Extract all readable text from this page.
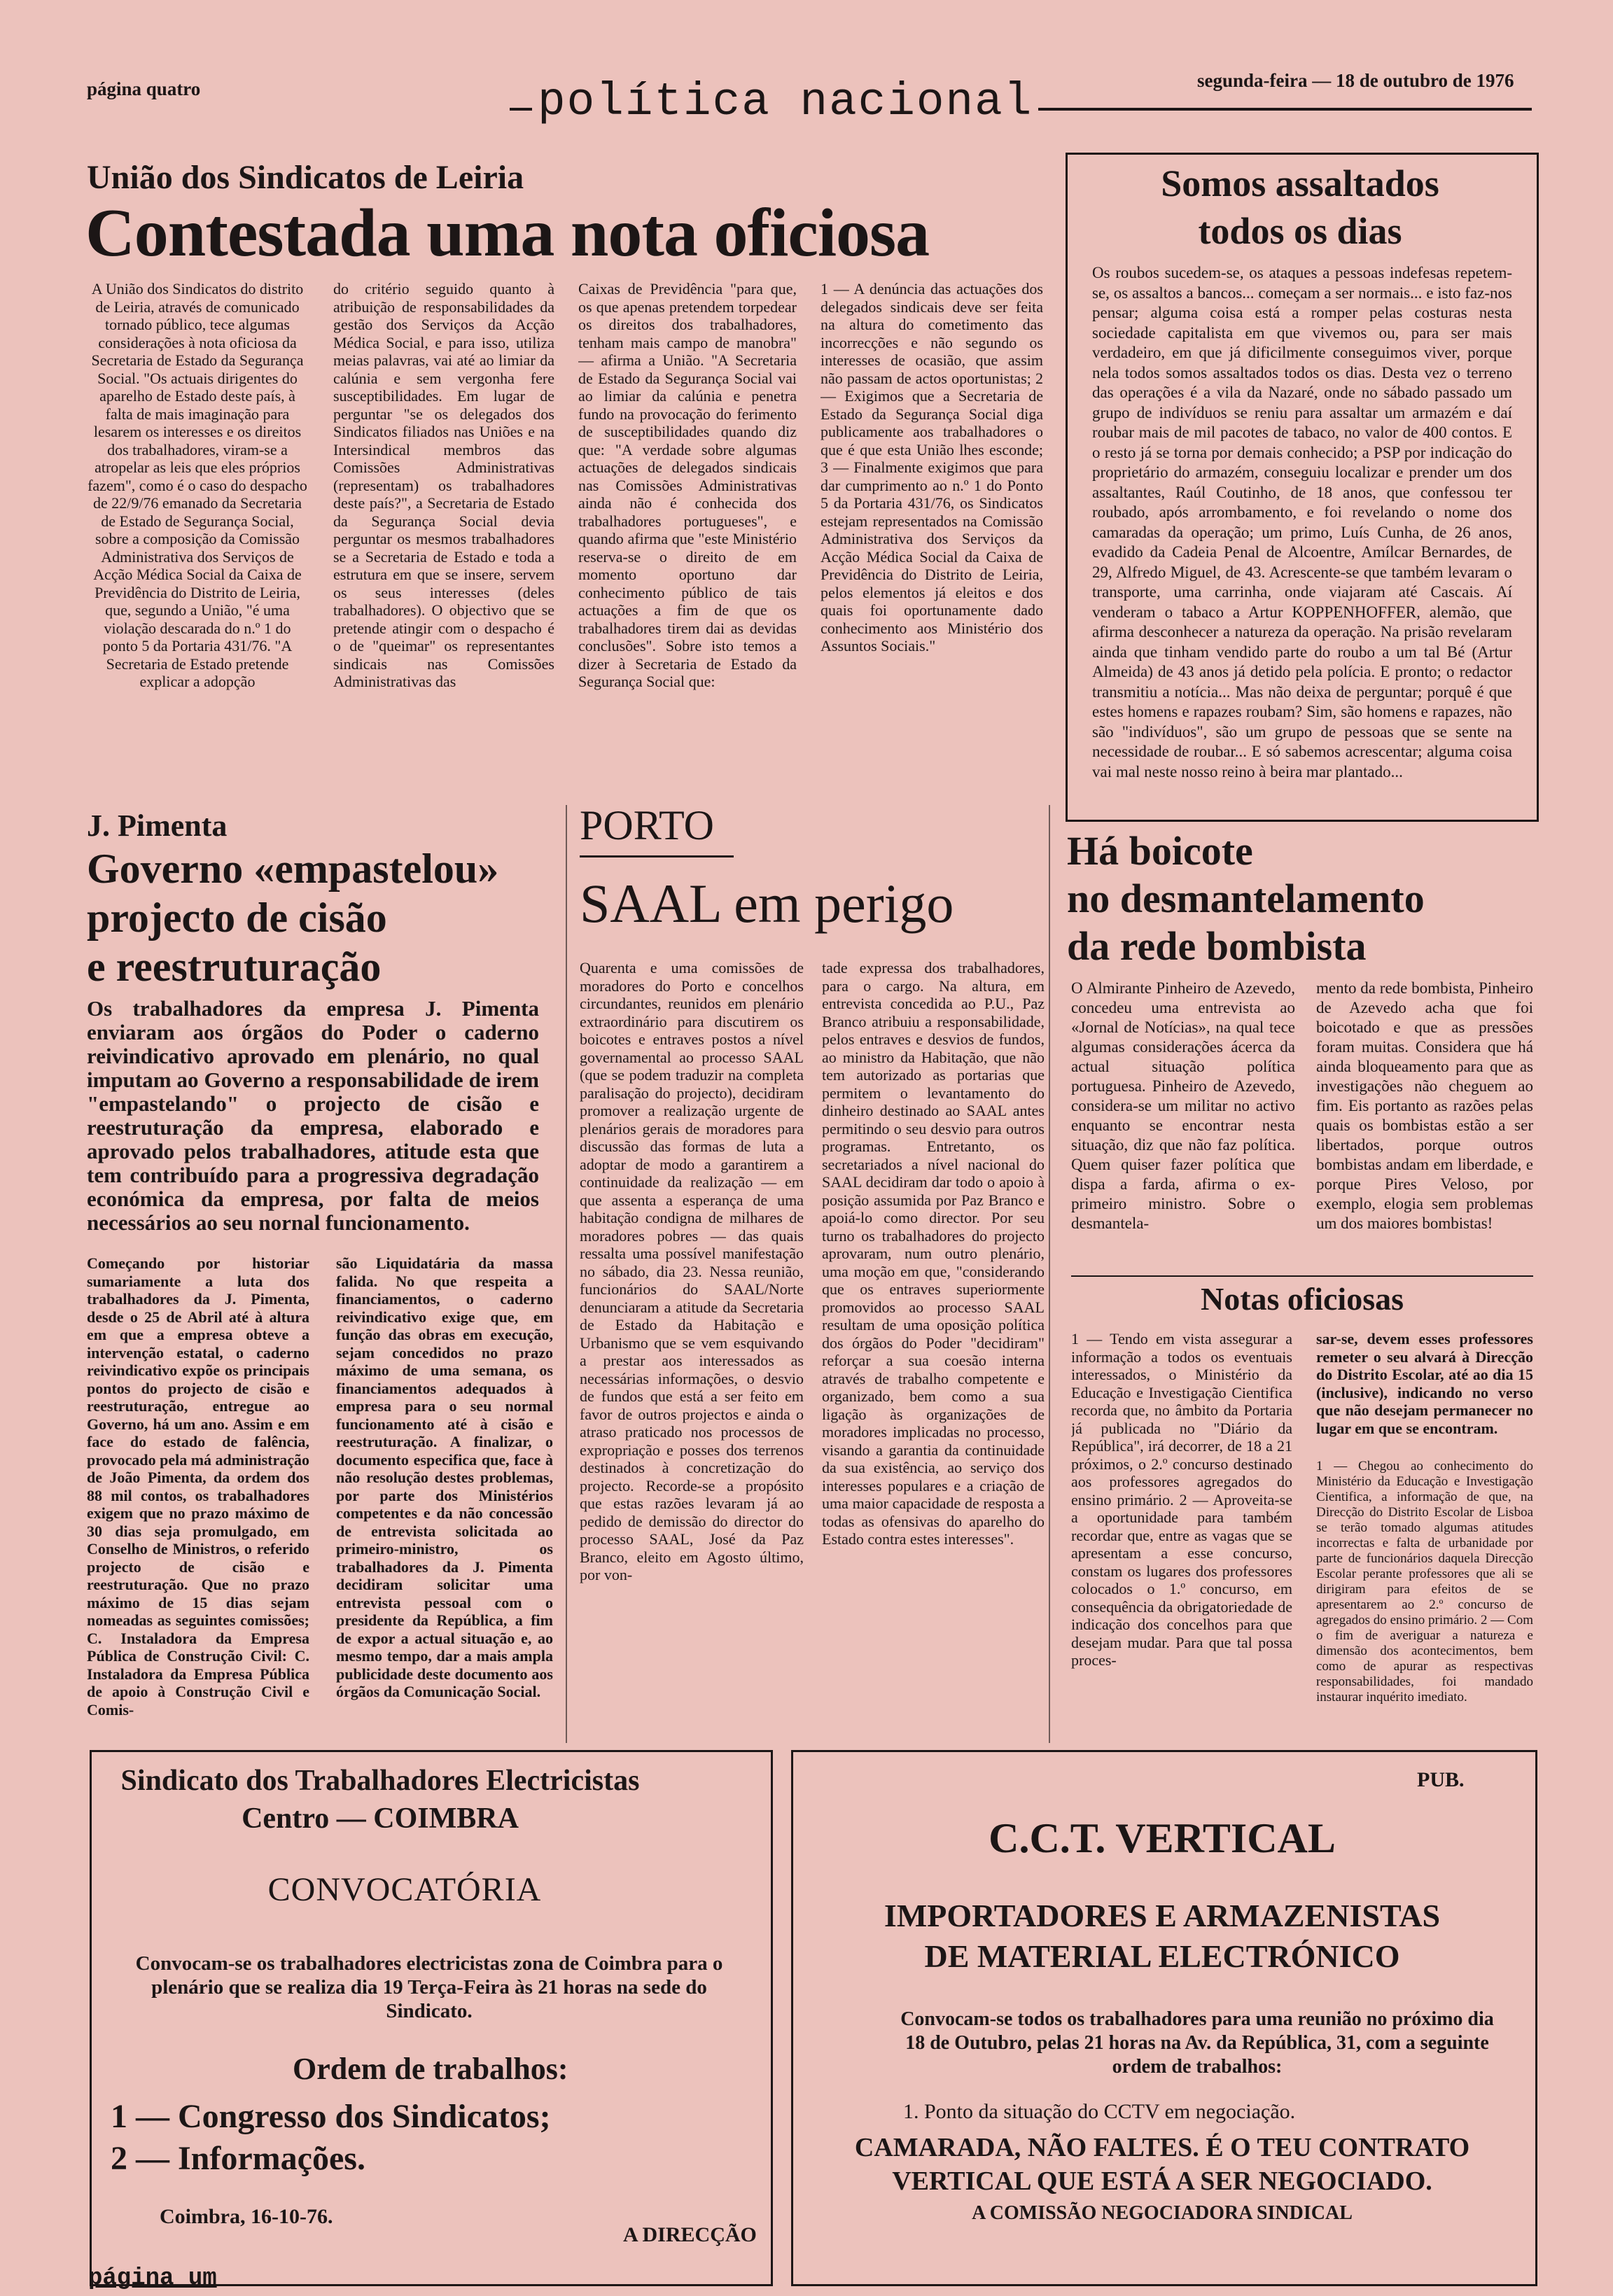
página quatro	política nacional	segunda-feira — 18 de outubro de 1976
União dos Sindicatos de Leiria
Contestada uma nota oficiosa
A União dos Sindicatos do distrito de Leiria, através de comunicado tornado público, tece algumas considerações à nota oficiosa da Secretaria de Estado da Segurança Social. "Os actuais dirigentes do aparelho de Estado deste país, à falta de mais imaginação para lesarem os interesses e os direitos dos trabalhadores, viram-se a atropelar as leis que eles próprios fazem", como é o caso do despacho de 22/9/76 emanado da Secretaria de Estado de Segurança Social, sobre a composição da Comissão Administrativa dos Serviços de Acção Médica Social da Caixa de Previdência do Distrito de Leiria, que, segundo a União, "é uma violação descarada do n.º 1 do ponto 5 da Portaria 431/76. "A Secretaria de Estado pretende explicar a adopção
do critério seguido quanto à atribuição de responsabilidades da gestão dos Serviços da Acção Médica Social, e para isso, utiliza meias palavras, vai até ao limiar da calúnia e sem vergonha fere susceptibilidades. Em lugar de perguntar "se os delegados dos Sindicatos filiados nas Uniões e na Intersindical membros das Comissões Administrativas (representam) os trabalhadores deste país?", a Secretaria de Estado da Segurança Social devia perguntar os mesmos trabalhadores se a Secretaria de Estado e toda a estrutura em que se insere, servem os seus interesses (deles trabalhadores). O objectivo que se pretende atingir com o despacho é o de "queimar" os representantes sindicais nas Comissões Administrativas das
Caixas de Previdência "para que, os que apenas pretendem torpedear os direitos dos trabalhadores, tenham mais campo de manobra" — afirma a União. "A Secretaria de Estado da Segurança Social vai ao limiar da calúnia e penetra fundo na provocação do ferimento de susceptibilidades quando diz que: "A verdade sobre algumas actuações de delegados sindicais nas Comissões Administrativas ainda não é conhecida dos trabalhadores portugueses", e quando afirma que "este Ministério reserva-se o direito de em momento oportuno dar conhecimento público de tais actuações a fim de que os trabalhadores tirem dai as devidas conclusões". Sobre isto temos a dizer à Secretaria de Estado da Segurança Social que:
1 — A denúncia das actuações dos delegados sindicais deve ser feita na altura do cometimento das incorrecções e não segundo os interesses de ocasião, que assim não passam de actos oportunistas; 2 — Exigimos que a Secretaria de Estado da Segurança Social diga publicamente aos trabalhadores o que é que esta União lhes esconde; 3 — Finalmente exigimos que para dar cumprimento ao n.º 1 do Ponto 5 da Portaria 431/76, os Sindicatos estejam representados na Comissão Administrativa dos Serviços da Acção Médica Social da Caixa de Previdência do Distrito de Leiria, pelos elementos já eleitos e dos quais foi oportunamente dado conhecimento aos Ministério dos Assuntos Sociais."
Somos assaltados
todos os dias
Os roubos sucedem-se, os ataques a pessoas indefesas repetem-se, os assaltos a bancos... começam a ser normais... e isto faz-nos pensar; alguma coisa está a romper pelas costuras nesta sociedade capitalista em que vivemos ou, para ser mais verdadeiro, em que já dificilmente conseguimos viver, porque nela todos somos assaltados todos os dias. Desta vez o terreno das operações é a vila da Nazaré, onde no sábado passado um grupo de indivíduos se reniu para assaltar um armazém e daí roubar mais de mil pacotes de tabaco, no valor de 400 contos. E o resto já se torna por demais conhecido; a PSP por indicação do proprietário do armazém, conseguiu localizar e prender um dos assaltantes, Raúl Coutinho, de 18 anos, que confessou ter roubado, após arrombamento, e foi revelando o nome dos camaradas da operação; um primo, Luís Cunha, de 26 anos, evadido da Cadeia Penal de Alcoentre, Amílcar Bernardes, de 29, Alfredo Miguel, de 43. Acrescente-se que também levaram o transporte, uma carrinha, onde viajaram até Cascais. Aí venderam o tabaco a Artur KOPPENHOFFER, alemão, que afirma desconhecer a natureza da operação. Na prisão revelaram ainda que tinham vendido parte do roubo a um tal Bé (Artur Almeida) de 43 anos já detido pela polícia. E pronto; o redactor transmitiu a notícia... Mas não deixa de perguntar; porquê é que estes homens e rapazes roubam? Sim, são homens e rapazes, não são "indivíduos", são um grupo de pessoas que se sente na necessidade de roubar... E só sabemos acrescentar; alguma coisa vai mal neste nosso reino à beira mar plantado...
J. Pimenta
Governo «empastelou»
projecto de cisão
e reestruturação
Os trabalhadores da empresa J. Pimenta enviaram aos órgãos do Poder o caderno reivindicativo aprovado em plenário, no qual imputam ao Governo a responsabilidade de irem "empastelando" o projecto de cisão e reestruturação da empresa, elaborado e aprovado pelos trabalhadores, atitude esta que tem contribuído para a progressiva degradação económica da empresa, por falta de meios necessários ao seu nornal funcionamento.
Começando por historiar sumariamente a luta dos trabalhadores da J. Pimenta, desde o 25 de Abril até à altura em que a empresa obteve a intervenção estatal, o caderno reivindicativo expõe os principais pontos do projecto de cisão e reestruturação, entregue ao Governo, há um ano. Assim e em face do estado de falência, provocado pela má administração de João Pimenta, da ordem dos 88 mil contos, os trabalhadores exigem que no prazo máximo de 30 dias seja promulgado, em Conselho de Ministros, o referido projecto de cisão e reestruturação. Que no prazo máximo de 15 dias sejam nomeadas as seguintes comissões; C. Instaladora da Empresa Pública de Construção Civil: C. Instaladora da Empresa Pública de apoio à Construção Civil e Comis-
são Liquidatária da massa falida. No que respeita a financiamentos, o caderno reivindicativo exige que, em função das obras em execução, sejam concedidos no prazo máximo de uma semana, os financiamentos adequados à empresa para o seu normal funcionamento até à cisão e reestruturação. A finalizar, o documento especifica que, face à não resolução destes problemas, por parte dos Ministérios competentes e da não concessão de entrevista solicitada ao primeiro-ministro, os trabalhadores da J. Pimenta decidiram solicitar uma entrevista pessoal com o presidente da República, a fim de expor a actual situação e, ao mesmo tempo, dar a mais ampla publicidade deste documento aos órgãos da Comunicação Social.
PORTO
SAAL em perigo
Quarenta e uma comissões de moradores do Porto e concelhos circundantes, reunidos em plenário extraordinário para discutirem os boicotes e entraves postos a nível governamental ao processo SAAL (que se podem traduzir na completa paralisação do projecto), decidiram promover a realização urgente de plenários gerais de moradores para discussão das formas de luta a adoptar de modo a garantirem a continuidade da realização — em que assenta a esperança de uma habitação condigna de milhares de moradores pobres — das quais ressalta uma possível manifestação no sábado, dia 23. Nessa reunião, funcionários do SAAL/Norte denunciaram a atitude da Secretaria de Estado da Habitação e Urbanismo que se vem esquivando a prestar aos interessados as necessárias informações, o desvio de fundos que está a ser feito em favor de outros projectos e ainda o atraso praticado nos processos de expropriação e posses dos terrenos destinados à concretização do projecto. Recorde-se a propósito que estas razões levaram já ao pedido de demissão do director do processo SAAL, José da Paz Branco, eleito em Agosto último, por von-
tade expressa dos trabalhadores, para o cargo. Na altura, em entrevista concedida ao P.U., Paz Branco atribuiu a responsabilidade, pelos entraves e desvios de fundos, ao ministro da Habitação, que não tem autorizado as portarias que permitem o levantamento do dinheiro destinado ao SAAL antes permitindo o seu desvio para outros programas. Entretanto, os secretariados a nível nacional do SAAL decidiram dar todo o apoio à posição assumida por Paz Branco e apoiá-lo como director. Por seu turno os trabalhadores do projecto aprovaram, num outro plenário, uma moção em que, "considerando que os entraves superiormente promovidos ao processo SAAL resultam de uma oposição política dos órgãos do Poder "decidiram" reforçar a sua coesão interna através de trabalho competente e organizado, bem como a sua ligação às organizações de moradores implicadas no processo, visando a garantia da continuidade da sua existência, ao serviço dos interesses populares e a criação de uma maior capacidade de resposta a todas as ofensivas do aparelho do Estado contra estes interesses".
Há boicote
no desmantelamento
da rede bombista
O Almirante Pinheiro de Azevedo, concedeu uma entrevista ao «Jornal de Notícias», na qual tece algumas considerações ácerca da actual situação política portuguesa. Pinheiro de Azevedo, considera-se um militar no activo enquanto se encontrar nesta situação, diz que não faz política. Quem quiser fazer política que dispa a farda, afirma o ex-primeiro ministro. Sobre o desmantela-
mento da rede bombista, Pinheiro de Azevedo acha que foi boicotado e que as pressões foram muitas. Considera que há ainda bloqueamento para que as investigações não cheguem ao fim. Eis portanto as razões pelas quais os bombistas estão a ser libertados, porque outros bombistas andam em liberdade, e porque Pires Veloso, por exemplo, elogia sem problemas um dos maiores bombistas!
Notas oficiosas
1 — Tendo em vista assegurar a informação a todos os eventuais interessados, o Ministério da Educação e Investigação Cientifica recorda que, no âmbito da Portaria já publicada no "Diário da República", irá decorrer, de 18 a 21 próximos, o 2.º concurso destinado aos professores agregados do ensino primário. 2 — Aproveita-se a oportunidade para também recordar que, entre as vagas que se apresentam a esse concurso, constam os lugares dos professores colocados o 1.º concurso, em consequência da obrigatoriedade de indicação dos concelhos para que desejam mudar. Para que tal possa proces-
sar-se, devem esses professores remeter o seu alvará à Direcção do Distrito Escolar, até ao dia 15 (inclusive), indicando no verso que não desejam permanecer no lugar em que se encontram.
1 — Chegou ao conhecimento do Ministério da Educação e Investigação Cientifica, a informação de que, na Direcção do Distrito Escolar de Lisboa se terão tomado algumas atitudes incorrectas e falta de urbanidade por parte de funcionários daquela Direcção Escolar perante professores que ali se dirigiram para efeitos de se apresentarem ao 2.º concurso de agregados do ensino primário. 2 — Com o fim de averiguar a natureza e dimensão dos acontecimentos, bem como de apurar as respectivas responsabilidades, foi mandado instaurar inquérito imediato.
Sindicato dos Trabalhadores Electricistas
Centro — COIMBRA
CONVOCATÓRIA
Convocam-se os trabalhadores electricistas zona de Coimbra para o plenário que se realiza dia 19 Terça-Feira às 21 horas na sede do Sindicato.
Ordem de trabalhos:
1 — Congresso dos Sindicatos;
2 — Informações.
Coimbra, 16-10-76.
A DIRECÇÃO
PUB.
C.C.T. VERTICAL
IMPORTADORES E ARMAZENISTAS
DE MATERIAL ELECTRÓNICO
Convocam-se todos os trabalhadores para uma reunião no próximo dia 18 de Outubro, pelas 21 horas na Av. da República, 31, com a seguinte ordem de trabalhos:
1. Ponto da situação do CCTV em negociação.
CAMARADA, NÃO FALTES. É O TEU CONTRATO
VERTICAL QUE ESTÁ A SER NEGOCIADO.
A COMISSÃO NEGOCIADORA SINDICAL
página um
